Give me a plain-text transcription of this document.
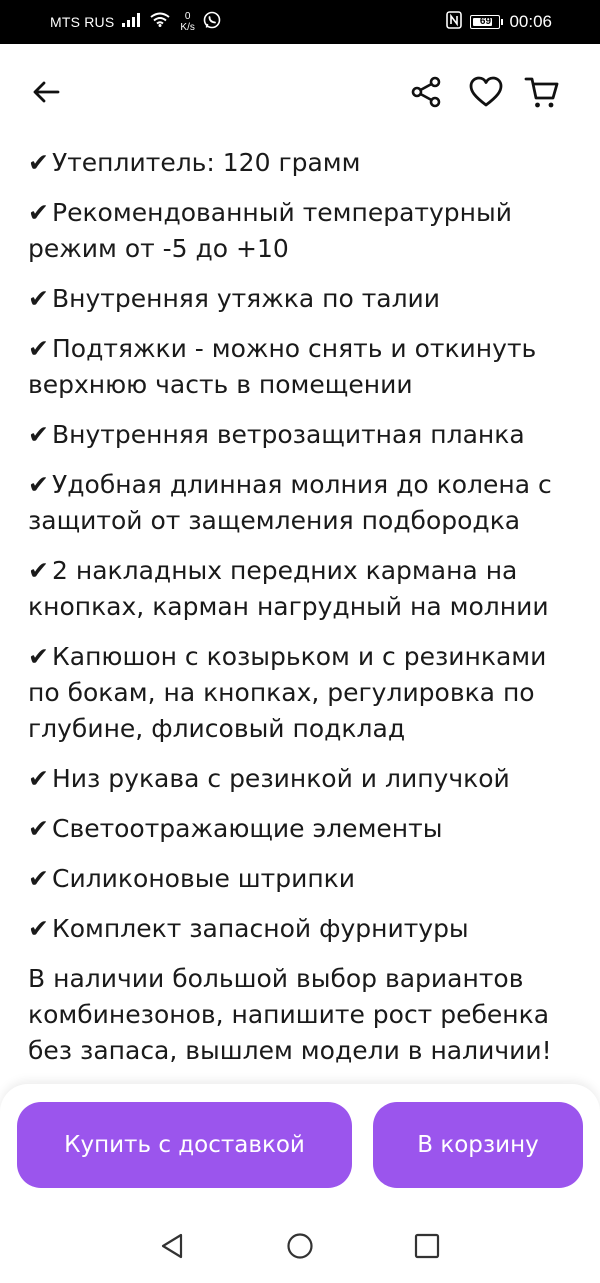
MTS RUS	0
K/s
69	00:06

✔ Утеплитель: 120 грамм

✔ Рекомендованный температурный режим от -5 до +10

✔ Внутренняя утяжка по талии

✔ Подтяжки - можно снять и откинуть верхнюю часть в помещении

✔ Внутренняя ветрозащитная планка

✔ Удобная длинная молния до колена с защитой от защемления подбородка

✔ 2 накладных передних кармана на кнопках, карман нагрудный на молнии

✔ Капюшон с козырьком и с резинками по бокам, на кнопках, регулировка по глубине, флисовый подклад

✔ Низ рукава с резинкой и липучкой

✔ Светоотражающие элементы

✔ Силиконовые штрипки

✔ Комплект запасной фурнитуры

В наличии большой выбор вариантов комбинезонов, напишите рост ребенка без запаса, вышлем модели в наличии!

Купить с доставкой	В корзину
